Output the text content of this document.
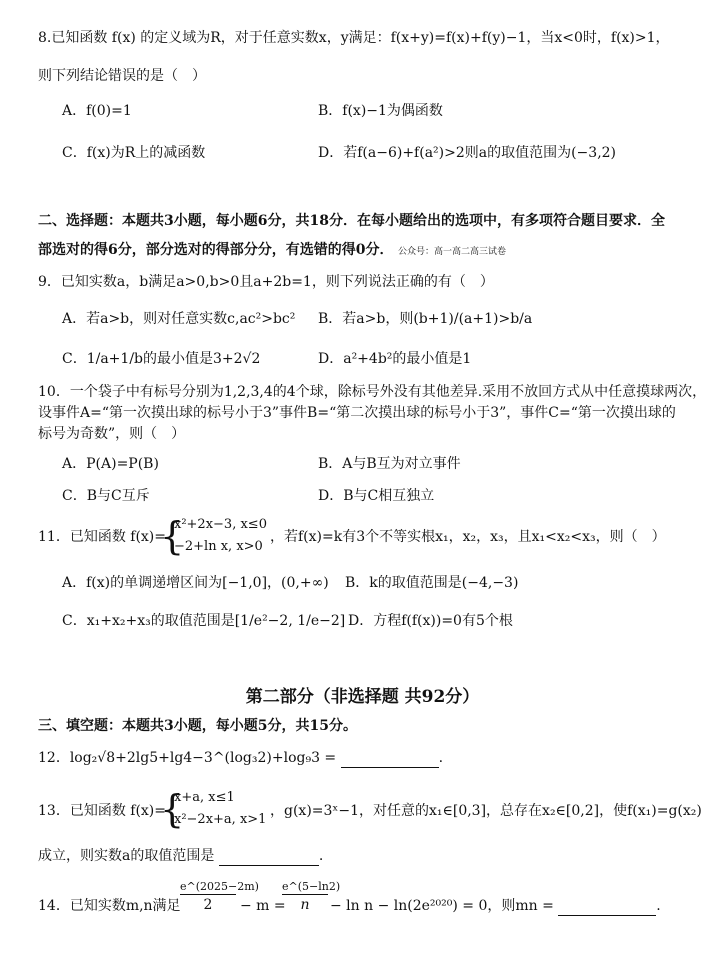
8.已知函数 f(x) 的定义域为R，对于任意实数x，y满足：f(x+y)=f(x)+f(y)−1，当x<0时，f(x)>1，
则下列结论错误的是（　）
A．f(0)=1	B．f(x)−1为偶函数
C．f(x)为R上的减函数	D．若f(a−6)+f(a²)>2则a的取值范围为(−3,2)
二、选择题：本题共3小题，每小题6分，共18分．在每小题给出的选项中，有多项符合题目要求．全
部选对的得6分，部分选对的得部分分，有选错的得0分． 公众号：高一高二高三试卷
9．已知实数a，b满足a>0,b>0且a+2b=1，则下列说法正确的有（　）
A．若a>b，则对任意实数c,ac²>bc² B．若a>b，则(b+1)/(a+1)>b/a
C．1/a+1/b的最小值是3+2√2	D．a²+4b²的最小值是1
10．一个袋子中有标号分别为1,2,3,4的4个球，除标号外没有其他差异.采用不放回方式从中任意摸球两次，
设事件A=“第一次摸出球的标号小于3”事件B=“第二次摸出球的标号小于3”，事件C=“第一次摸出球的
标号为奇数”，则（　）
A．P(A)=P(B)	B．A与B互为对立事件
C．B与C互斥	D．B与C相互独立
11．已知函数 f(x)=
{
x²+2x−3, x≤0
−2+ln x, x>0
，若f(x)=k有3个不等实根x₁，x₂，x₃，且x₁<x₂<x₃，则（　）
A．f(x)的单调递增区间为[−1,0]，(0,+∞) B．k的取值范围是(−4,−3)
C．x₁+x₂+x₃的取值范围是[1/e²−2, 1/e−2] D．方程f(f(x))=0有5个根
第二部分（非选择题 共92分）
三、填空题：本题共3小题，每小题5分，共15分。
12．log₂√8+2lg5+lg4−3^(log₃2)+log₉3 =	.
13．已知函数 f(x)=
{
x+a, x≤1
x²−2x+a, x>1
，g(x)=3ˣ−1，对任意的x₁∈[0,3]，总存在x₂∈[0,2]，使f(x₁)=g(x₂)
成立，则实数a的取值范围是	.
14．已知实数m,n满足
e^(2025−2m)
2	− m =
e^(5−ln2)
n	− ln n − ln(2e²⁰²⁰) = 0，则mn =	.
